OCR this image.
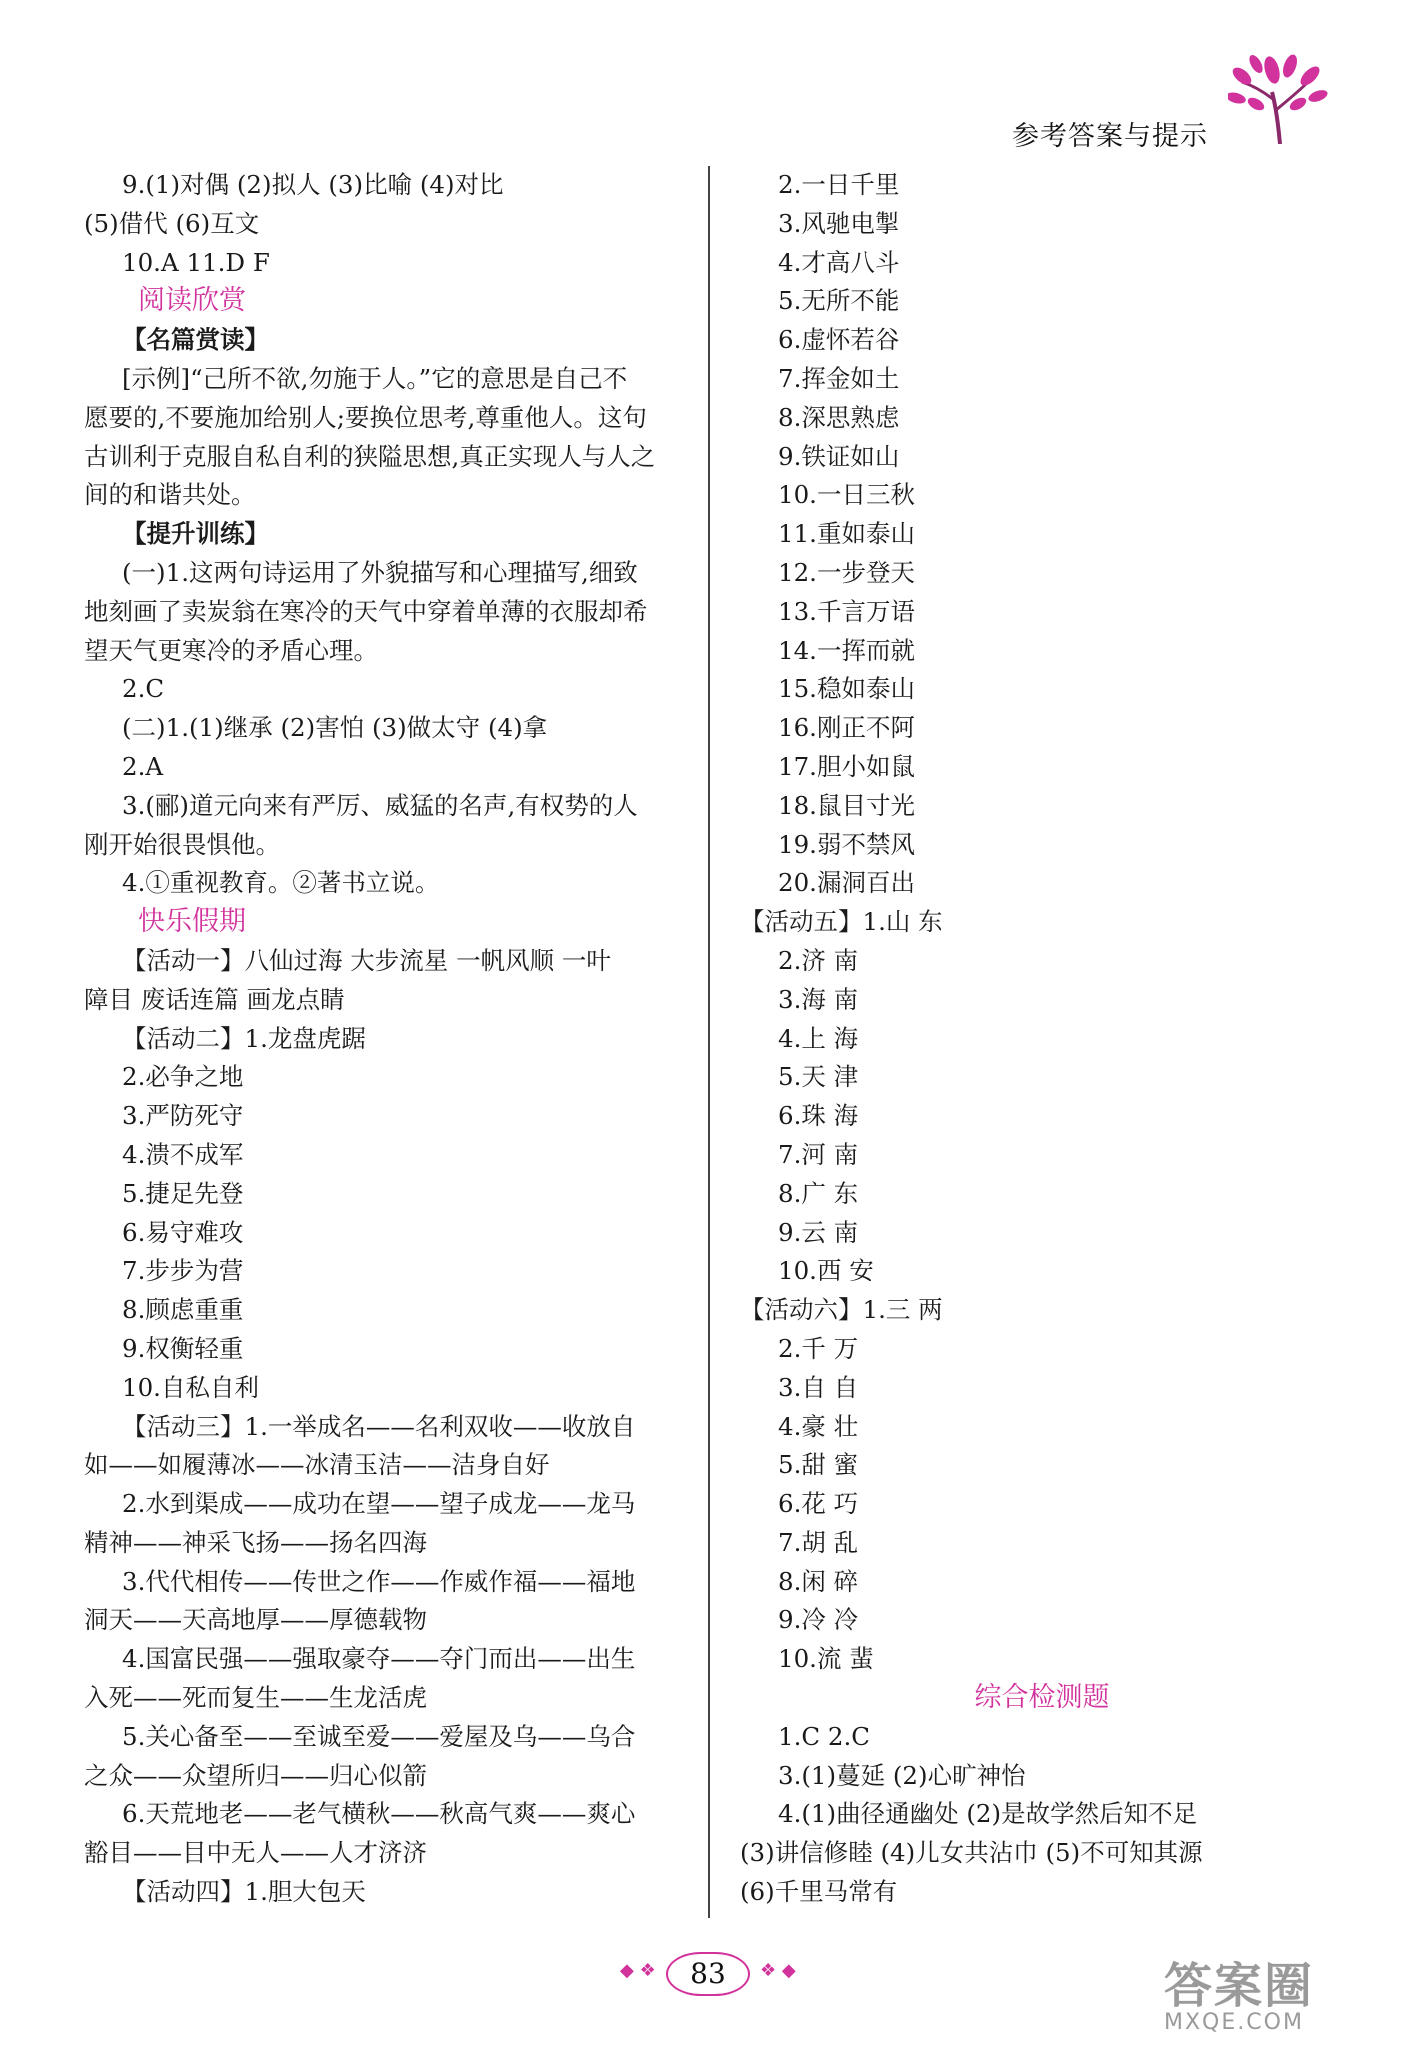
参考答案与提示
9.(1)对偶 (2)拟人 (3)比喻 (4)对比
(5)借代 (6)互文
10.A 11.D F
阅读欣赏
【名篇赏读】
[示例]“己所不欲,勿施于人。”它的意思是自己不
愿要的,不要施加给别人;要换位思考,尊重他人。这句
古训利于克服自私自利的狭隘思想,真正实现人与人之
间的和谐共处。
【提升训练】
(一)1.这两句诗运用了外貌描写和心理描写,细致
地刻画了卖炭翁在寒冷的天气中穿着单薄的衣服却希
望天气更寒冷的矛盾心理。
2.C
(二)1.(1)继承 (2)害怕 (3)做太守 (4)拿
2.A
3.(郦)道元向来有严厉、威猛的名声,有权势的人
刚开始很畏惧他。
4.①重视教育。②著书立说。
快乐假期
【活动一】八仙过海 大步流星 一帆风顺 一叶
障目 废话连篇 画龙点睛
【活动二】1.龙盘虎踞
2.必争之地
3.严防死守
4.溃不成军
5.捷足先登
6.易守难攻
7.步步为营
8.顾虑重重
9.权衡轻重
10.自私自利
【活动三】1.一举成名——名利双收——收放自
如——如履薄冰——冰清玉洁——洁身自好
2.水到渠成——成功在望——望子成龙——龙马
精神——神采飞扬——扬名四海
3.代代相传——传世之作——作威作福——福地
洞天——天高地厚——厚德载物
4.国富民强——强取豪夺——夺门而出——出生
入死——死而复生——生龙活虎
5.关心备至——至诚至爱——爱屋及乌——乌合
之众——众望所归——归心似箭
6.天荒地老——老气横秋——秋高气爽——爽心
豁目——目中无人——人才济济
【活动四】1.胆大包天
2.一日千里
3.风驰电掣
4.才高八斗
5.无所不能
6.虚怀若谷
7.挥金如土
8.深思熟虑
9.铁证如山
10.一日三秋
11.重如泰山
12.一步登天
13.千言万语
14.一挥而就
15.稳如泰山
16.刚正不阿
17.胆小如鼠
18.鼠目寸光
19.弱不禁风
20.漏洞百出
【活动五】1.山 东
2.济 南
3.海 南
4.上 海
5.天 津
6.珠 海
7.河 南
8.广 东
9.云 南
10.西 安
【活动六】1.三 两
2.千 万
3.自 自
4.豪 壮
5.甜 蜜
6.花 巧
7.胡 乱
8.闲 碎
9.冷 冷
10.流 蜚
综合检测题
1.C 2.C
3.(1)蔓延 (2)心旷神怡
4.(1)曲径通幽处 (2)是故学然后知不足
(3)讲信修睦 (4)儿女共沾巾 (5)不可知其源
(6)千里马常有
◆ ❖	83	❖ ◆	答案圈
MXQE.COM
